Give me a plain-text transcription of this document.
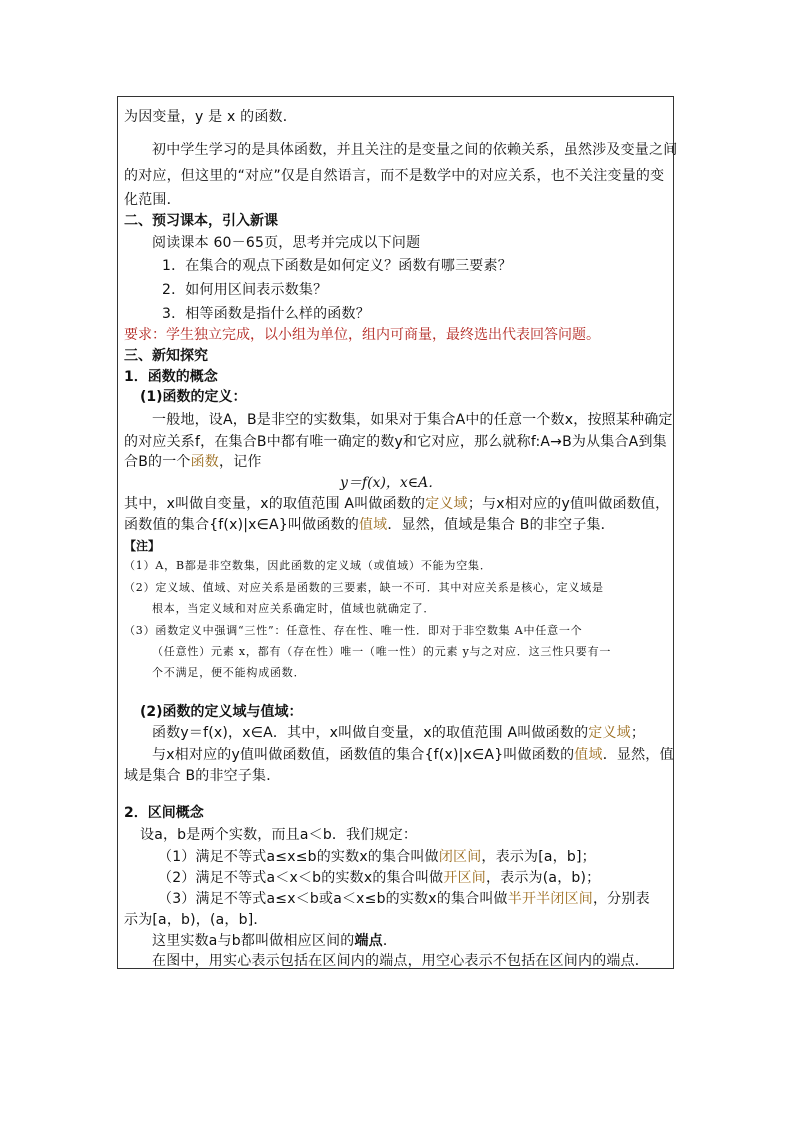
为因变量，y 是 x 的函数．
初中学生学习的是具体函数，并且关注的是变量之间的依赖关系，虽然涉及变量之间
的对应，但这里的“对应”仅是自然语言，而不是数学中的对应关系，也不关注变量的变
化范围．
二、预习课本，引入新课
阅读课本 60－65页，思考并完成以下问题
1．在集合的观点下函数是如何定义？函数有哪三要素？
2．如何用区间表示数集？
3．相等函数是指什么样的函数？
要求：学生独立完成，以小组为单位，组内可商量，最终选出代表回答问题。
三、新知探究
1．函数的概念
(1)函数的定义：
一般地，设A，B是非空的实数集，如果对于集合A中的任意一个数x，按照某种确定
的对应关系f，在集合B中都有唯一确定的数y和它对应，那么就称f:A→B为从集合A到集
合B的一个函数，记作
y＝f(x)，x∈A．
其中，x叫做自变量，x的取值范围 A叫做函数的定义域；与x相对应的y值叫做函数值，
函数值的集合{f(x)|x∈A}叫做函数的值域．显然，值域是集合 B的非空子集．
【注】
（1）A，B都是非空数集，因此函数的定义域（或值域）不能为空集．
（2）定义域、值域、对应关系是函数的三要素，缺一不可．其中对应关系是核心，定义域是
根本，当定义域和对应关系确定时，值域也就确定了．
（3）函数定义中强调“三性”：任意性、存在性、唯一性．即对于非空数集 A中任意一个
（任意性）元素 x，都有（存在性）唯一（唯一性）的元素 y与之对应．这三性只要有一
个不满足，便不能构成函数．
(2)函数的定义域与值域：
函数y＝f(x)，x∈A．其中，x叫做自变量，x的取值范围 A叫做函数的定义域；
与x相对应的y值叫做函数值，函数值的集合{f(x)|x∈A}叫做函数的值域．显然，值
域是集合 B的非空子集．
2．区间概念
设a，b是两个实数，而且a＜b．我们规定：
（1）满足不等式a≤x≤b的实数x的集合叫做闭区间，表示为[a，b]；
（2）满足不等式a＜x＜b的实数x的集合叫做开区间，表示为(a，b)；
（3）满足不等式a≤x＜b或a＜x≤b的实数x的集合叫做半开半闭区间，分别表
示为[a，b)，(a，b]．
这里实数a与b都叫做相应区间的端点．
在图中，用实心表示包括在区间内的端点，用空心表示不包括在区间内的端点．
